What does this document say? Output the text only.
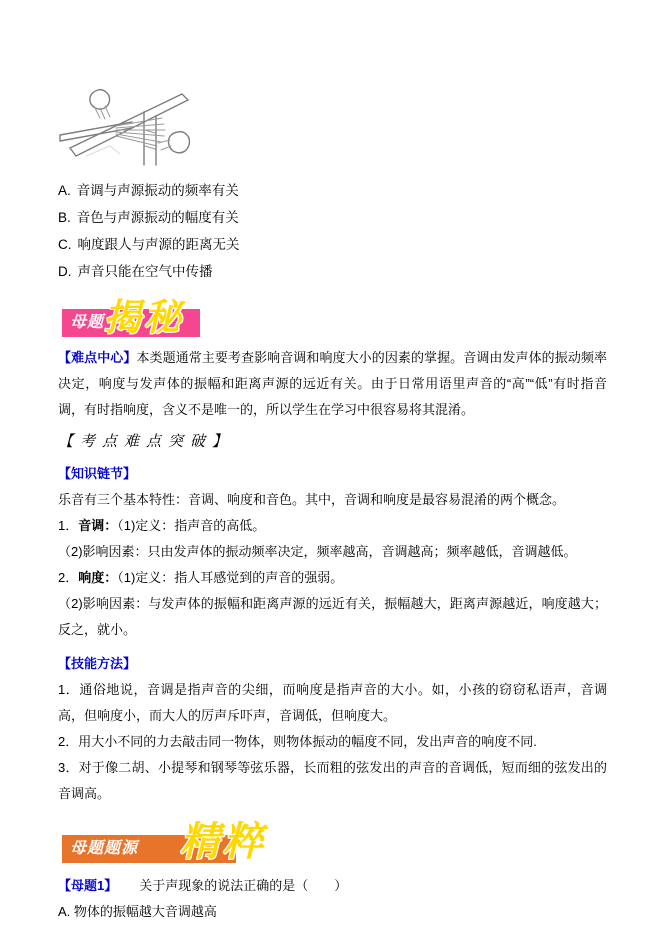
A. 音调与声源振动的频率有关
B. 音色与声源振动的幅度有关
C. 响度跟人与声源的距离无关
D. 声音只能在空气中传播
母题 揭秘

【难点中心】本类题通常主要考查影响音调和响度大小的因素的掌握。音调由发声体的振动频率决定，响度与发声体的振幅和距离声源的远近有关。由于日常用语里声音的“高”“低”有时指音调，有时指响度，含义不是唯一的，所以学生在学习中很容易将其混淆。

【考点难点突破】

【知识链节】

乐音有三个基本特性：音调、响度和音色。其中，音调和响度是最容易混淆的两个概念。

1．音调：（1)定义：指声音的高低。

（2)影响因素：只由发声体的振动频率决定，频率越高，音调越高；频率越低，音调越低。

2．响度：（1)定义：指人耳感觉到的声音的强弱。

（2)影响因素：与发声体的振幅和距离声源的远近有关，振幅越大，距离声源越近，响度越大；反之，就小。

【技能方法】

1．通俗地说，音调是指声音的尖细，而响度是指声音的大小。如，小孩的窃窃私语声，音调高，但响度小，而大人的厉声斥吓声，音调低，但响度大。

2．用大小不同的力去敲击同一物体，则物体振动的幅度不同，发出声音的响度不同.

3．对于像二胡、小提琴和钢琴等弦乐器，长而粗的弦发出的声音的音调低，短而细的弦发出的音调高。

母题题源	精粹

【母题1】 关于声现象的说法正确的是（　　）

A. 物体的振幅越大音调越高
